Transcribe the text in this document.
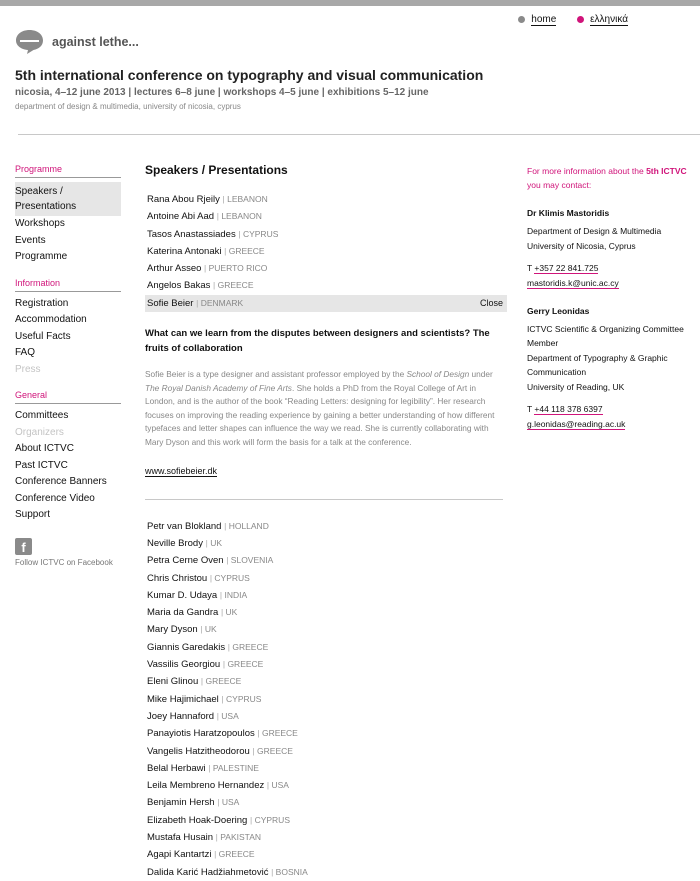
home	ελληνικά
against lethe...
5th international conference on typography and visual communication
nicosia, 4–12 june 2013 | lectures 6–8 june | workshops 4–5 june | exhibitions 5–12 june
department of design & multimedia, university of nicosia, cyprus
Programme
Speakers / Presentations
Workshops
Events
Programme
Information
Registration
Accommodation
Useful Facts
FAQ
Press
General
Committees
Organizers
About ICTVC
Past ICTVC
Conference Banners
Conference Video
Support
f
Follow ICTVC on Facebook
Speakers / Presentations
Rana Abou Rjeily | LEBANON
Antoine Abi Aad | LEBANON
Tasos Anastassiades | CYPRUS
Katerina Antonaki | GREECE
Arthur Asseo | PUERTO RICO
Angelos Bakas | GREECE
Sofie Beier | DENMARK	Close
What can we learn from the disputes between designers and scientists? The fruits of collaboration
Sofie Beier is a type designer and assistant professor employed by the School of Design under The Royal Danish Academy of Fine Arts. She holds a PhD from the Royal College of Art in London, and is the author of the book “Reading Letters: designing for legibility”. Her research focuses on improving the reading experience by gaining a better understanding of how different typefaces and letter shapes can influence the way we read. She is currently collaborating with Mary Dyson and this work will form the basis for a talk at the conference.
www.sofiebeier.dk
Petr van Blokland | HOLLAND
Neville Brody | UK
Petra Cerne Oven | SLOVENIA
Chris Christou | CYPRUS
Kumar D. Udaya | INDIA
Maria da Gandra | UK
Mary Dyson | UK
Giannis Garedakis | GREECE
Vassilis Georgiou | GREECE
Eleni Glinou | GREECE
Mike Hajimichael | CYPRUS
Joey Hannaford | USA
Panayiotis Haratzopoulos | GREECE
Vangelis Hatzitheodorou | GREECE
Belal Herbawi | PALESTINE
Leila Membreno Hernandez | USA
Benjamin Hersh | USA
Elizabeth Hoak-Doering | CYPRUS
Mustafa Husain | PAKISTAN
Agapi Kantartzi | GREECE
Dalida Karić Hadžiahmetović | BOSNIA
For more information about the 5th ICTVC you may contact:
Dr Klimis Mastoridis
Department of Design & Multimedia
University of Nicosia, Cyprus
T +357 22 841.725
mastoridis.k@unic.ac.cy
Gerry Leonidas
ICTVC Scientific & Organizing Committee Member
Department of Typography & Graphic Communication
University of Reading, UK
T +44 118 378 6397
g.leonidas@reading.ac.uk
